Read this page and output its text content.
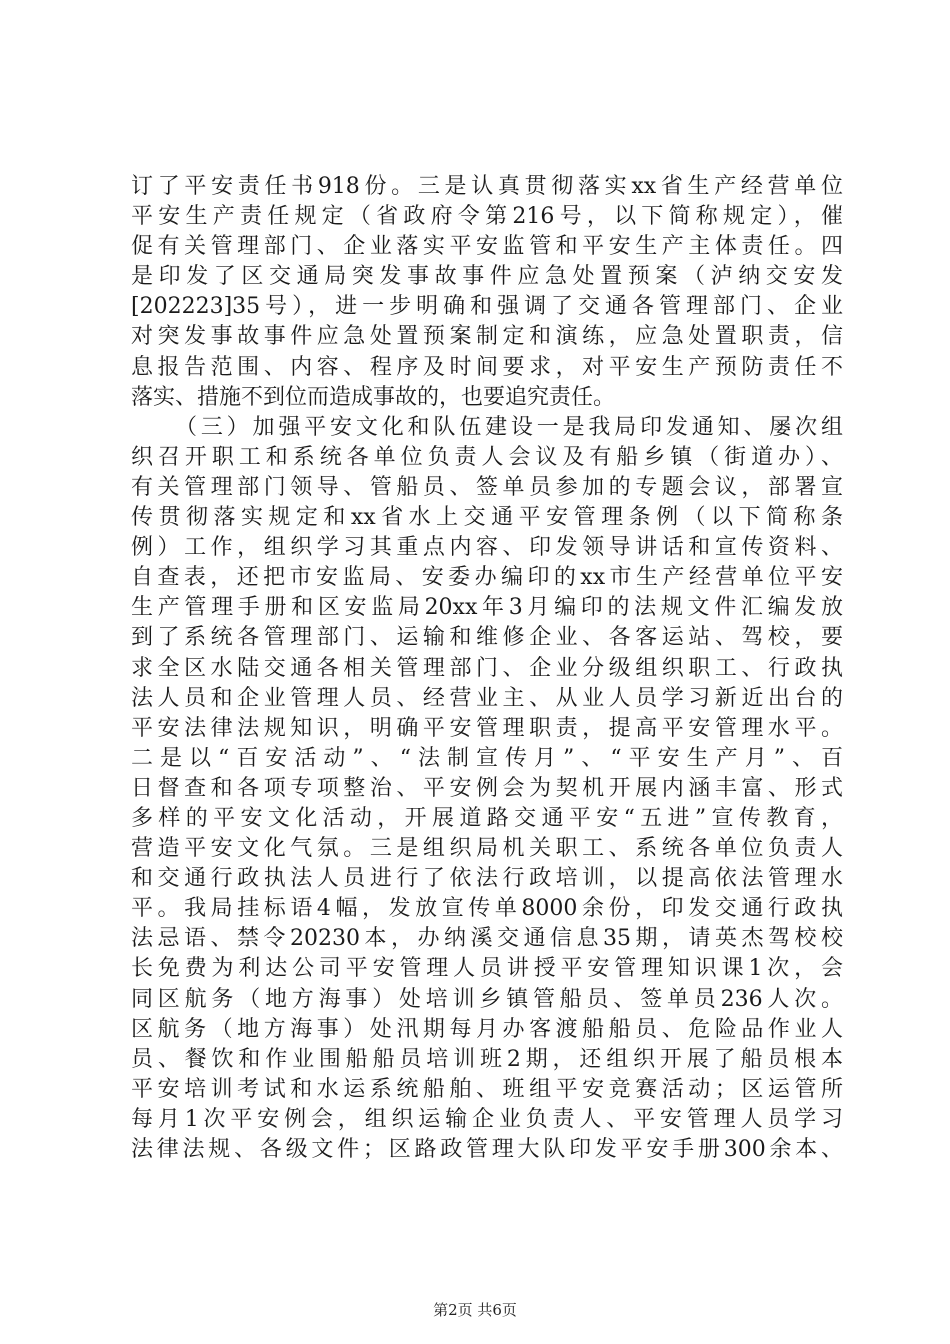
订了平安责任书918份。三是认真贯彻落实xx省生产经营单位
平安生产责任规定（省政府令第216号，以下简称规定），催
促有关管理部门、企业落实平安监管和平安生产主体责任。四
是印发了区交通局突发事故事件应急处置预案（泸纳交安发
[202223]35号），进一步明确和强调了交通各管理部门、企业
对突发事故事件应急处置预案制定和演练，应急处置职责，信
息报告范围、内容、程序及时间要求，对平安生产预防责任不
落实、措施不到位而造成事故的，也要追究责任。
（三）加强平安文化和队伍建设一是我局印发通知、屡次组
织召开职工和系统各单位负责人会议及有船乡镇（街道办）、
有关管理部门领导、管船员、签单员参加的专题会议，部署宣
传贯彻落实规定和xx省水上交通平安管理条例（以下简称条
例）工作，组织学习其重点内容、印发领导讲话和宣传资料、
自查表，还把市安监局、安委办编印的xx市生产经营单位平安
生产管理手册和区安监局20xx年3月编印的法规文件汇编发放
到了系统各管理部门、运输和维修企业、各客运站、驾校，要
求全区水陆交通各相关管理部门、企业分级组织职工、行政执
法人员和企业管理人员、经营业主、从业人员学习新近出台的
平安法律法规知识，明确平安管理职责，提高平安管理水平。
二是以“百安活动”、“法制宣传月”、“平安生产月”、百
日督查和各项专项整治、平安例会为契机开展内涵丰富、形式
多样的平安文化活动，开展道路交通平安“五进”宣传教育，
营造平安文化气氛。三是组织局机关职工、系统各单位负责人
和交通行政执法人员进行了依法行政培训，以提高依法管理水
平。我局挂标语4幅，发放宣传单8000余份，印发交通行政执
法忌语、禁令20230本，办纳溪交通信息35期，请英杰驾校校
长免费为利达公司平安管理人员讲授平安管理知识课1次，会
同区航务（地方海事）处培训乡镇管船员、签单员236人次。
区航务（地方海事）处汛期每月办客渡船船员、危险品作业人
员、餐饮和作业围船船员培训班2期，还组织开展了船员根本
平安培训考试和水运系统船舶、班组平安竞赛活动；区运管所
每月1次平安例会，组织运输企业负责人、平安管理人员学习
法律法规、各级文件；区路政管理大队印发平安手册300余本、
第2页 共6页
